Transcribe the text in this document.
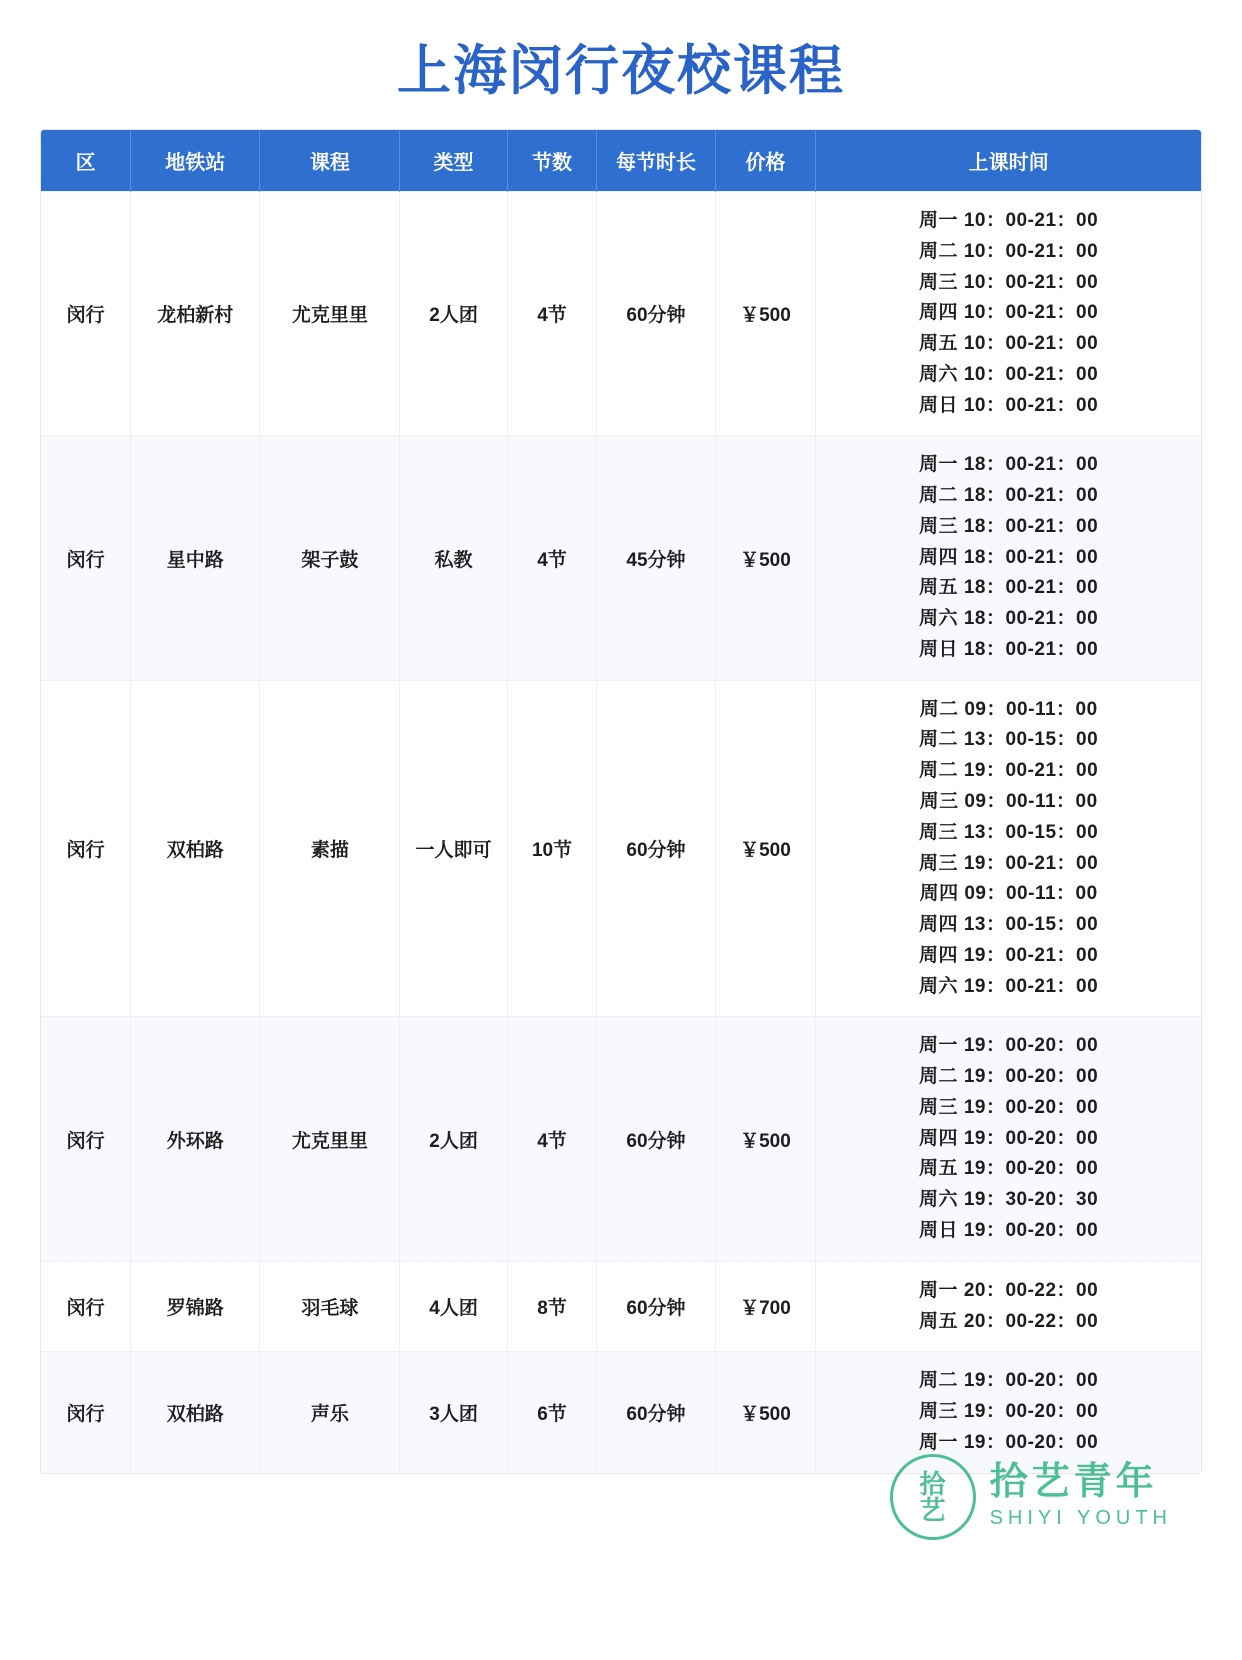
上海闵行夜校课程
区	地铁站	课程	类型	节数	每节时长	价格	上课时间
闵行	龙柏新村	尤克里里	2人团	4节	60分钟	￥500	
周一 10：00-21：00
周二 10：00-21：00
周三 10：00-21：00
周四 10：00-21：00
周五 10：00-21：00
周六 10：00-21：00
周日 10：00-21：00

闵行	星中路	架子鼓	私教	4节	45分钟	￥500	
周一 18：00-21：00
周二 18：00-21：00
周三 18：00-21：00
周四 18：00-21：00
周五 18：00-21：00
周六 18：00-21：00
周日 18：00-21：00

闵行	双柏路	素描	一人即可	10节	60分钟	￥500	
周二 09：00-11：00
周二 13：00-15：00
周二 19：00-21：00
周三 09：00-11：00
周三 13：00-15：00
周三 19：00-21：00
周四 09：00-11：00
周四 13：00-15：00
周四 19：00-21：00
周六 19：00-21：00

闵行	外环路	尤克里里	2人团	4节	60分钟	￥500	
周一 19：00-20：00
周二 19：00-20：00
周三 19：00-20：00
周四 19：00-20：00
周五 19：00-20：00
周六 19：30-20：30
周日 19：00-20：00

闵行	罗锦路	羽毛球	4人团	8节	60分钟	￥700	周一 20：00-22：00
周五 20：00-22：00

闵行	双柏路	声乐	3人团	6节	60分钟	￥500	周二 19：00-20：00
周三 19：00-20：00
周一 19：00-20：00
拾
艺
拾艺青年
SHIYI YOUTH
